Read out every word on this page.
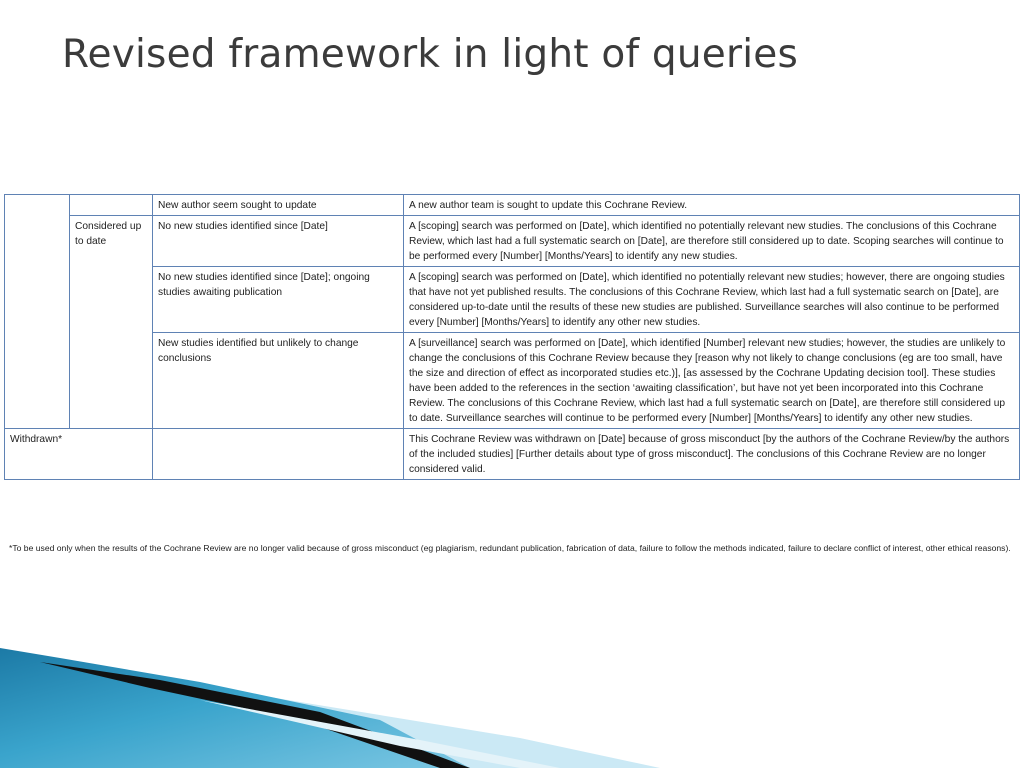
Revised framework in light of queries
		New author seem sought to update	A new author team is sought to update this Cochrane Review.
	Considered up to date	No new studies identified since [Date]	A [scoping] search was performed on [Date], which identified no potentially relevant new studies. The conclusions of this Cochrane Review, which last had a full systematic search on [Date], are therefore still considered up to date. Scoping searches will continue to be performed every [Number] [Months/Years] to identify any new studies.
		No new studies identified since [Date]; ongoing studies awaiting publication	A [scoping] search was performed on [Date], which identified no potentially relevant new studies; however, there are ongoing studies that have not yet published results. The conclusions of this Cochrane Review, which last had a full systematic search on [Date], are considered up-to-date until the results of these new studies are published. Surveillance searches will also continue to be performed every [Number] [Months/Years] to identify any other new studies.
		New studies identified but unlikely to change conclusions	A [surveillance] search was performed on [Date], which identified [Number] relevant new studies; however, the studies are unlikely to change the conclusions of this Cochrane Review because they [reason why not likely to change conclusions (eg are too small, have the size and direction of effect as incorporated studies etc.)], [as assessed by the Cochrane Updating decision tool]. These studies have been added to the references in the section ‘awaiting classification’, but have not yet been incorporated into this Cochrane Review. The conclusions of this Cochrane Review, which last had a full systematic search on [Date], are therefore still considered up to date. Surveillance searches will continue to be performed every [Number] [Months/Years] to identify any other new studies.
Withdrawn*			This Cochrane Review was withdrawn on [Date] because of gross misconduct [by the authors of the Cochrane Review/by the authors of the included studies] [Further details about type of gross misconduct]. The conclusions of this Cochrane Review are no longer considered valid.
*To be used only when the results of the Cochrane Review are no longer valid because of gross misconduct (eg plagiarism, redundant publication, fabrication of data, failure to follow the methods indicated, failure to declare conflict of interest, other ethical reasons).
